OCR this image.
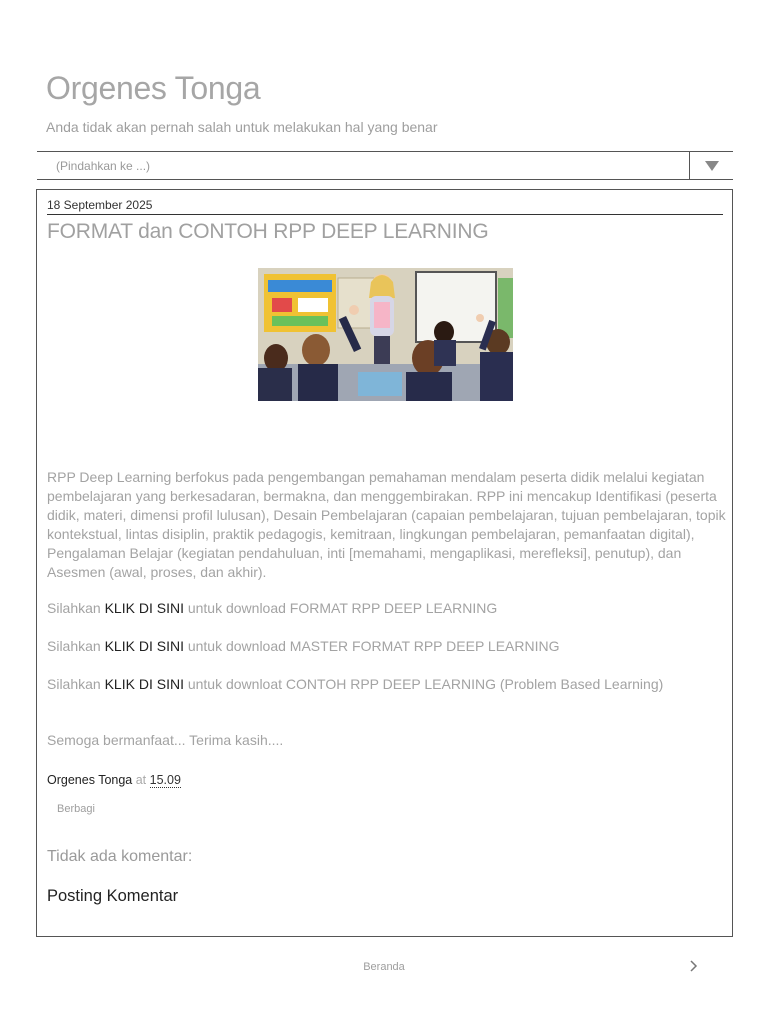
Orgenes Tonga
Anda tidak akan pernah salah untuk melakukan hal yang benar
(Pindahkan ke ...)
18 September 2025
FORMAT dan CONTOH RPP DEEP LEARNING

RPP Deep Learning berfokus pada pengembangan pemahaman mendalam peserta didik melalui kegiatan pembelajaran yang berkesadaran, bermakna, dan menggembirakan. RPP ini mencakup Identifikasi (peserta didik, materi, dimensi profil lulusan), Desain Pembelajaran (capaian pembelajaran, tujuan pembelajaran, topik kontekstual, lintas disiplin, praktik pedagogis, kemitraan, lingkungan pembelajaran, pemanfaatan digital), Pengalaman Belajar (kegiatan pendahuluan, inti [memahami, mengaplikasi, merefleksi], penutup), dan Asesmen (awal, proses, dan akhir).

Silahkan KLIK DI SINI untuk download FORMAT RPP DEEP LEARNING
Silahkan KLIK DI SINI untuk download MASTER FORMAT RPP DEEP LEARNING
Silahkan KLIK DI SINI untuk downloat CONTOH RPP DEEP LEARNING (Problem Based Learning)
Semoga bermanfaat... Terima kasih....
Orgenes Tonga at 15.09
Berbagi
Tidak ada komentar:
Posting Komentar
Beranda
